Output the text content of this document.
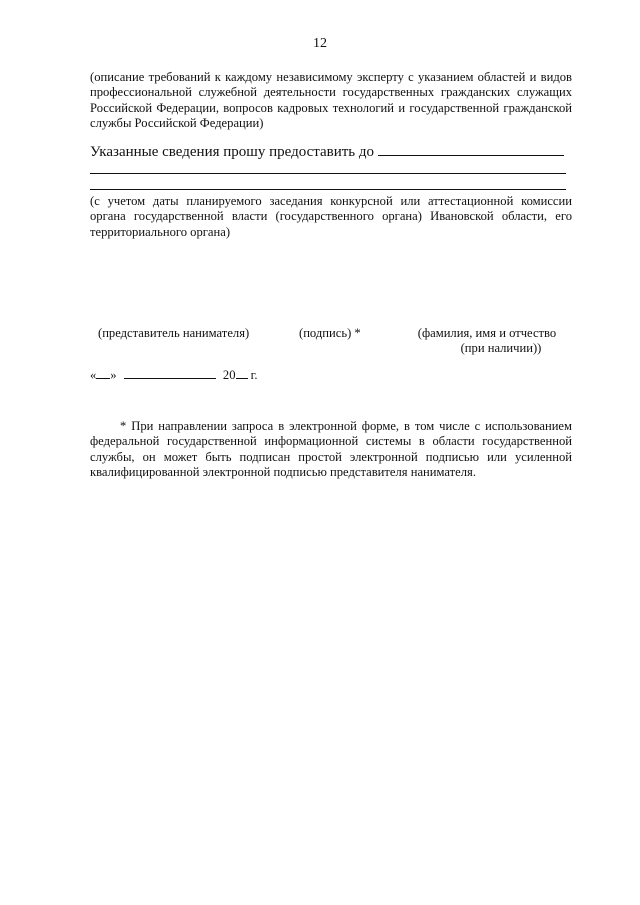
12
(описание требований к каждому независимому эксперту с указанием областей и видов профессиональной служебной деятельности государственных гражданских служащих Российской Федерации, вопросов кадровых технологий и государственной гражданской службы Российской Федерации)
Указанные сведения прошу предоставить до
(с учетом даты планируемого заседания конкурсной или аттестационной комиссии органа государственной власти (государственного органа) Ивановской области, его территориального органа)
(представитель нанимателя)	(подпись) *	(фамилия, имя и отчество
(при наличии))
« »	20 г.
* При направлении запроса в электронной форме, в том числе с использованием федеральной государственной информационной системы в области государственной службы, он может быть подписан простой электронной подписью или усиленной квалифицированной электронной подписью представителя нанимателя.
